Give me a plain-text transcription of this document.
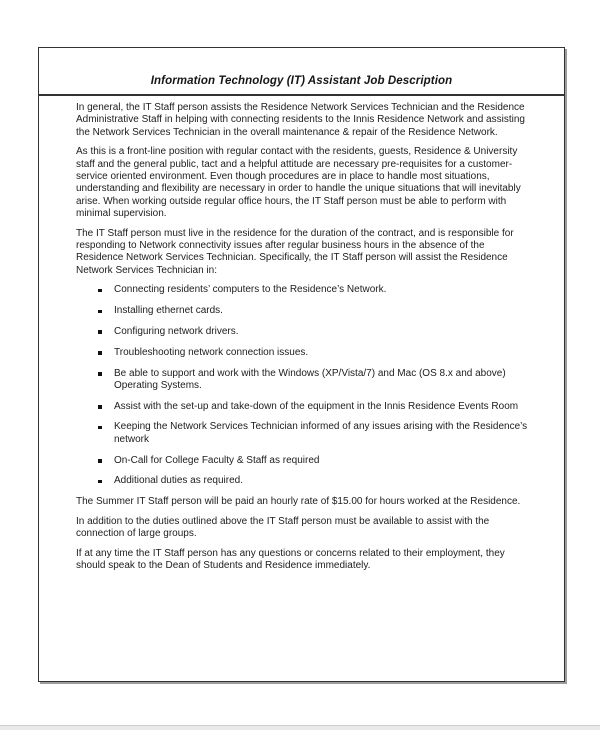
Information Technology (IT) Assistant Job Description

In general, the IT Staff person assists the Residence Network Services Technician and the Residence Administrative Staff in helping with connecting residents to the Innis Residence Network and assisting the Network Services Technician in the overall maintenance & repair of the Residence Network.

As this is a front-line position with regular contact with the residents, guests, Residence & University staff and the general public, tact and a helpful attitude are necessary pre-requisites for a customer-service oriented environment. Even though procedures are in place to handle most situations, understanding and flexibility are necessary in order to handle the unique situations that will inevitably arise. When working outside regular office hours, the IT Staff person must be able to perform with minimal supervision.

The IT Staff person must live in the residence for the duration of the contract, and is responsible for responding to Network connectivity issues after regular business hours in the absence of the Residence Network Services Technician. Specifically, the IT Staff person will assist the Residence Network Services Technician in:

Connecting residents’ computers to the Residence’s Network.
Installing ethernet cards.
Configuring network drivers.
Troubleshooting network connection issues.
Be able to support and work with the Windows (XP/Vista/7) and Mac (OS 8.x and above) Operating Systems.
Assist with the set-up and take-down of the equipment in the Innis Residence Events Room
Keeping the Network Services Technician informed of any issues arising with the Residence’s network
On-Call for College Faculty & Staff as required
Additional duties as required.

The Summer IT Staff person will be paid an hourly rate of $15.00 for hours worked at the Residence.

In addition to the duties outlined above the IT Staff person must be available to assist with the connection of large groups.

If at any time the IT Staff person has any questions or concerns related to their employment, they should speak to the Dean of Students and Residence immediately.
